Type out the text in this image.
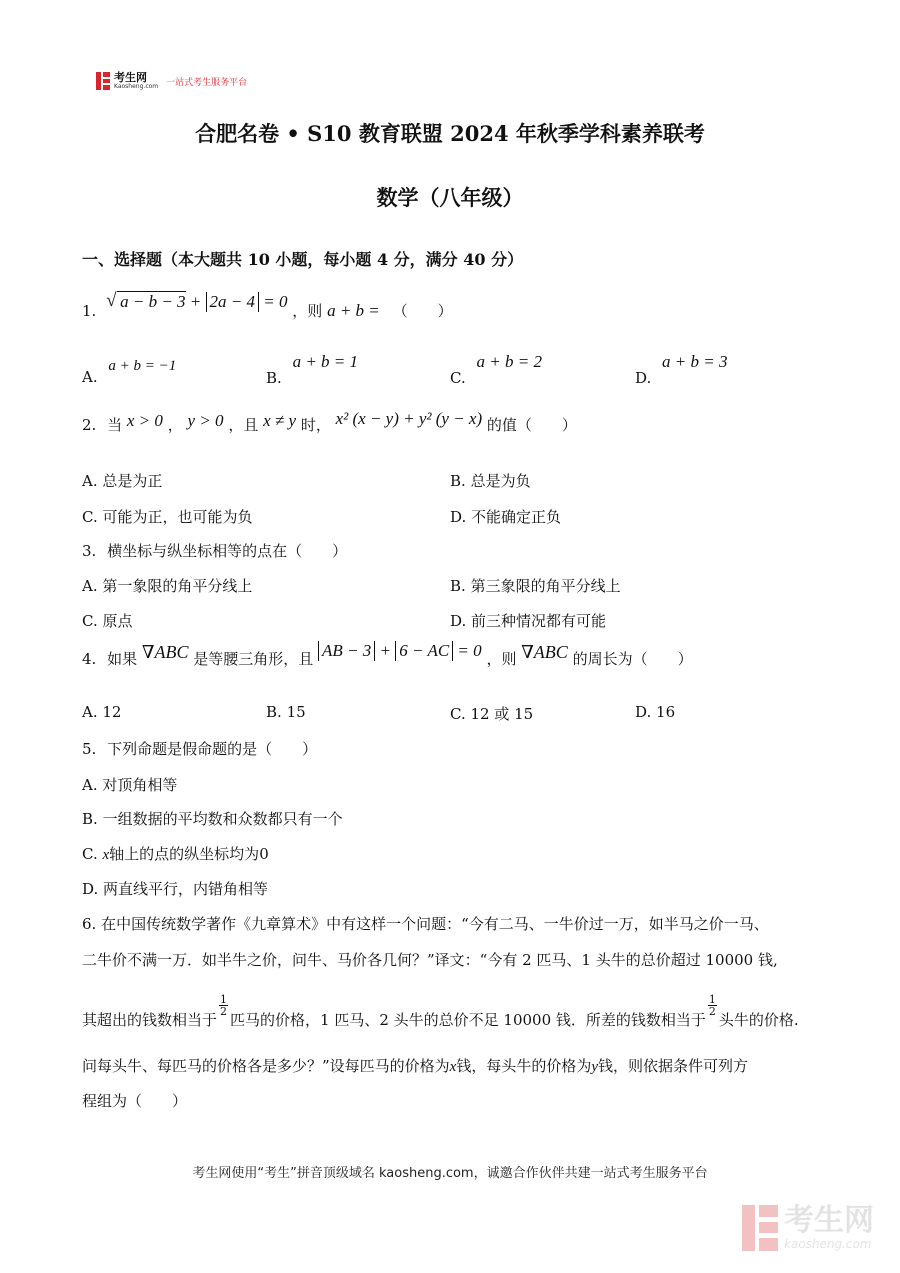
考生网
Kaosheng.com 一站式考生服务平台
合肥名卷 • S10 教育联盟 2024 年秋季学科素养联考
数学（八年级）
一、选择题（本大题共 10 小题，每小题 4 分，满分 40 分）
1. √ a − b − 3 + 2a − 4 = 0 ，则 a + b = （　　）
A. a + b = −1
B. a + b = 1
C. a + b = 2
D. a + b = 3
2. 当 x > 0 ， y > 0 ，且 x ≠ y 时， x² (x − y) + y² (y − x) 的值（　　）
A. 总是为正	B. 总是为负
C. 可能为正，也可能为负	D. 不能确定正负
3. 横坐标与纵坐标相等的点在（　　）
A. 第一象限的角平分线上	B. 第三象限的角平分线上
C. 原点	D. 前三种情况都有可能
4. 如果 ∇ABC 是等腰三角形，且 AB − 3 + 6 − AC = 0 ，则 ∇ABC 的周长为（　　）
A. 12	B. 15	C. 12 或 15	D. 16
5. 下列命题是假命题的是（　　）
A. 对顶角相等
B. 一组数据的平均数和众数都只有一个
C. x轴上的点的纵坐标均为0
D. 两直线平行，内错角相等
6. 在中国传统数学著作《九章算术》中有这样一个问题：“今有二马、一牛价过一万，如半马之价一马、
二牛价不满一万．如半牛之价，问牛、马价各几何？”译文：“今有 2 匹马、1 头牛的总价超过 10000 钱,
其超出的钱数相当于
$\frac{1}{2}$
匹马的价格，1 匹马、2 头牛的总价不足 10000 钱．所差的钱数相当于
$\frac{1}{2}$
头牛的价格.
问每头牛、每匹马的价格各是多少？”设每匹马的价格为x钱，每头牛的价格为y钱，则依据条件可列方
程组为（　　）
考生网使用“考生”拼音顶级域名 kaosheng.com，诚邀合作伙伴共建一站式考生服务平台
考生网
kaosheng.com
